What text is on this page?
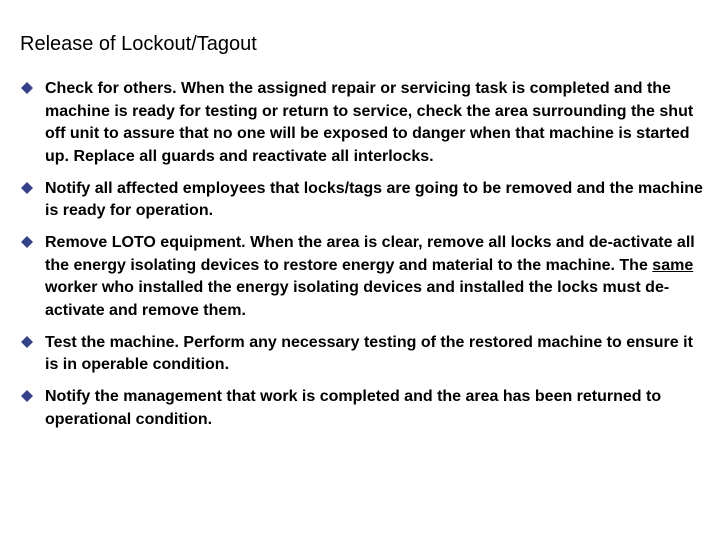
Release of Lockout/Tagout
Check for others. When the assigned repair or servicing task is completed and the machine is ready for testing or return to service, check the area surrounding the shut off unit to assure that no one will be exposed to danger when that machine is started up. Replace all guards and reactivate all interlocks.
Notify all affected employees that locks/tags are going to be removed and the machine is ready for operation.
Remove LOTO equipment. When the area is clear, remove all locks and de-activate all the energy isolating devices to restore energy and material to the machine. The same worker who installed the energy isolating devices and installed the locks must de-activate and remove them.
Test the machine. Perform any necessary testing of the restored machine to ensure it is in operable condition.
Notify the management that work is completed and the area has been returned to operational condition.
